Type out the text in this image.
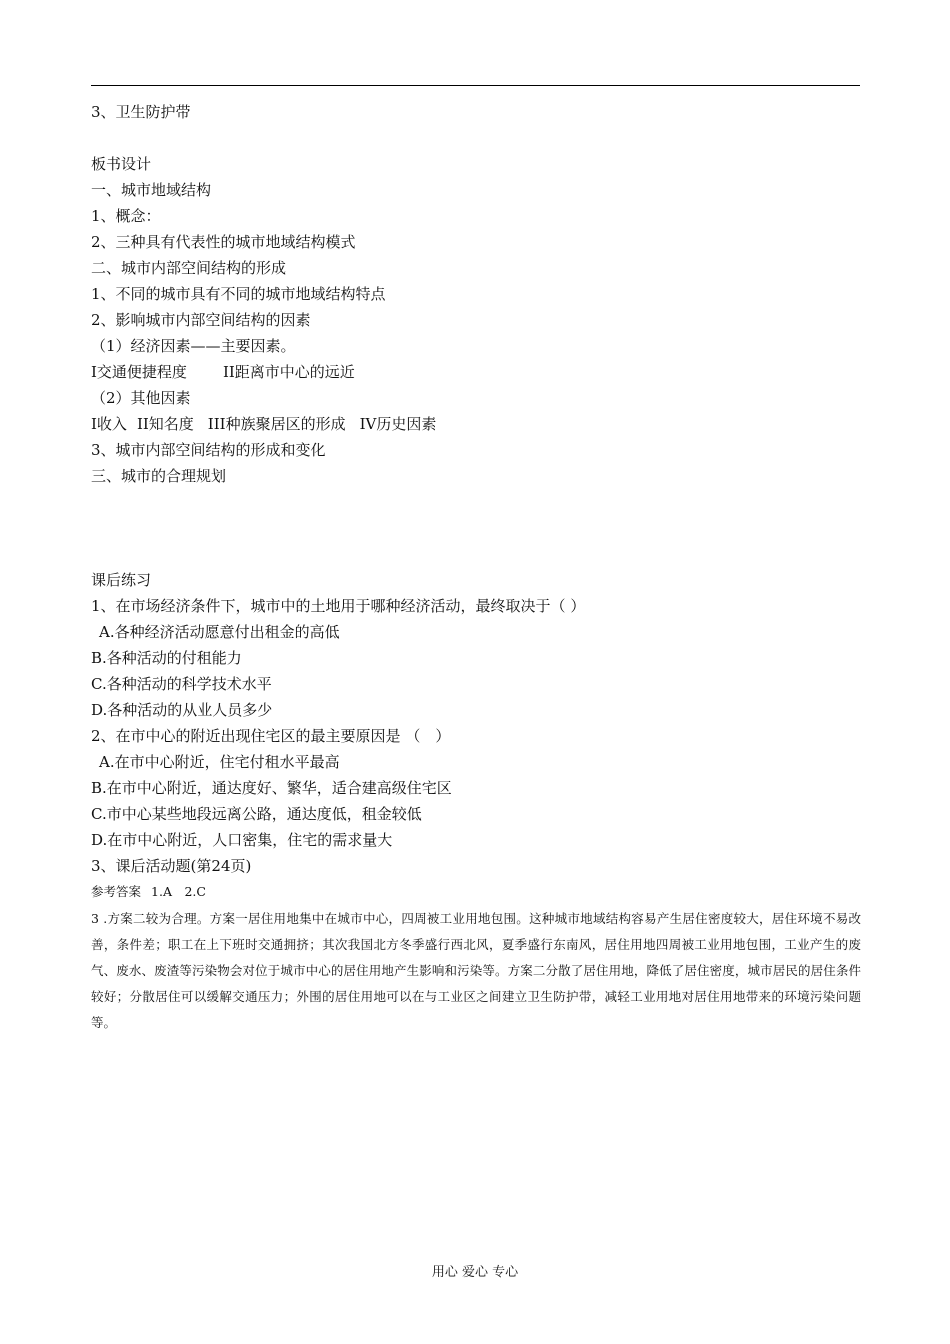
3、卫生防护带
板书设计
一、城市地域结构
1、概念：
2、三种具有代表性的城市地域结构模式
二、城市内部空间结构的形成
1、不同的城市具有不同的城市地域结构特点
2、影响城市内部空间结构的因素
（1）经济因素——主要因素。
I交通便捷程度 II距离市中心的远近
（2）其他因素
I收入 II知名度 III种族聚居区的形成 IV历史因素
3、城市内部空间结构的形成和变化
三、城市的合理规划
课后练习
1、在市场经济条件下，城市中的土地用于哪种经济活动，最终取决于（ ）
A.各种经济活动愿意付出租金的高低
B.各种活动的付租能力
C.各种活动的科学技术水平
D.各种活动的从业人员多少
2、在市中心的附近出现住宅区的最主要原因是 （　）
A.在市中心附近，住宅付租水平最高
B.在市中心附近，通达度好、繁华，适合建高级住宅区
C.市中心某些地段远离公路，通达度低，租金较低
D.在市中心附近，人口密集，住宅的需求量大
3、课后活动题(第24页)
参考答案 1.A　2.C
3 .方案二较为合理。方案一居住用地集中在城市中心，四周被工业用地包围。这种城市地域结构容易产生居住密度较大，居住环境不易改善，条件差；职工在上下班时交通拥挤；其次我国北方冬季盛行西北风，夏季盛行东南风，居住用地四周被工业用地包围，工业产生的废气、废水、废渣等污染物会对位于城市中心的居住用地产生影响和污染等。方案二分散了居住用地，降低了居住密度，城市居民的居住条件较好；分散居住可以缓解交通压力；外围的居住用地可以在与工业区之间建立卫生防护带，减轻工业用地对居住用地带来的环境污染问题等。
用心 爱心 专心
